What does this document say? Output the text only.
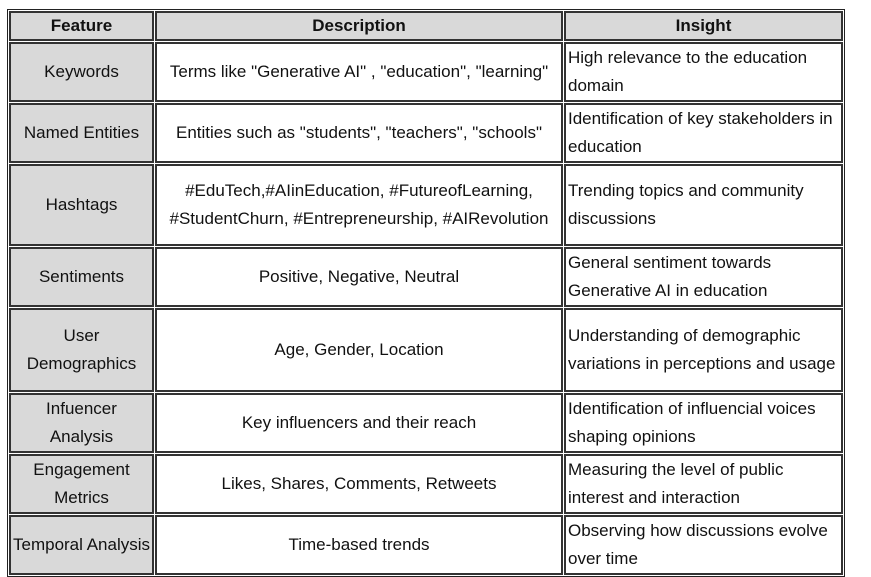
Feature	Description	Insight
Keywords	Terms like "Generative AI" , "education", "learning"	High relevance to the education domain
Named Entities	Entities such as "students", "teachers", "schools"	Identification of key stakeholders in education
Hashtags	#EduTech,#AIinEducation, #FutureofLearning, #StudentChurn, #Entrepreneurship, #AIRevolution	Trending topics and community discussions
Sentiments	Positive, Negative, Neutral	General sentiment towards Generative AI in education
User Demographics	Age, Gender, Location	Understanding of demographic variations in perceptions and usage
Infuencer Analysis	Key influencers and their reach	Identification of influencial voices shaping opinions
Engagement Metrics	Likes, Shares, Comments, Retweets	Measuring the level of public interest and interaction
Temporal Analysis	Time-based trends	Observing how discussions evolve over time
